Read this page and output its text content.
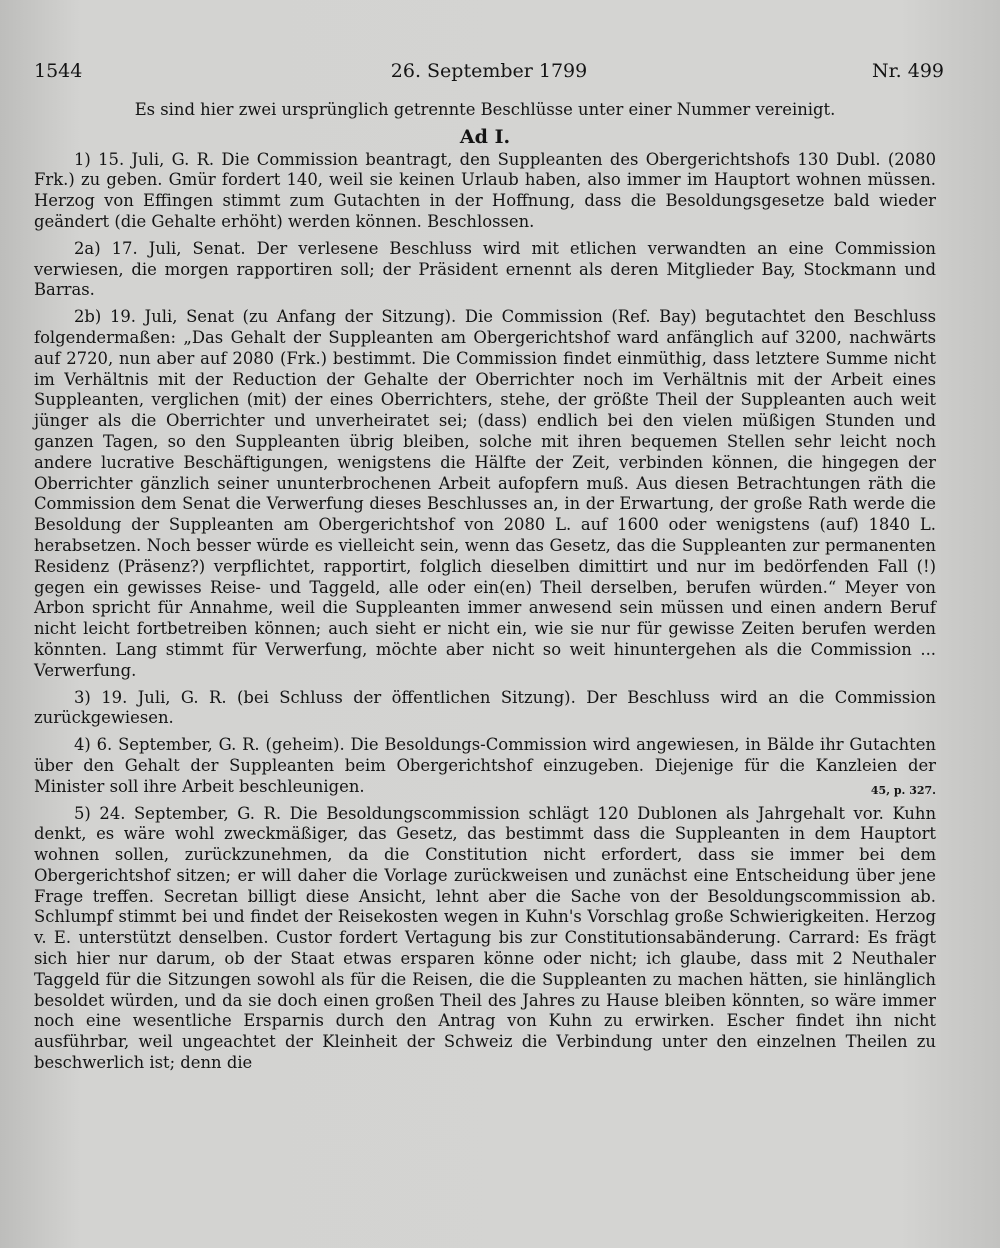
1544	26. September 1799	Nr. 499

Es sind hier zwei ursprünglich getrennte Beschlüsse unter einer Nummer vereinigt.

Ad I.

1) 15. Juli, G. R. Die Commission beantragt, den Suppleanten des Obergerichtshofs 130 Dubl. (2080 Frk.) zu geben. Gmür fordert 140, weil sie keinen Urlaub haben, also immer im Hauptort wohnen müssen. Herzog von Effingen stimmt zum Gutachten in der Hoffnung, dass die Besoldungsgesetze bald wieder geändert (die Gehalte erhöht) werden können. Beschlossen.

2a) 17. Juli, Senat. Der verlesene Beschluss wird mit etlichen verwandten an eine Commission verwiesen, die morgen rapportiren soll; der Präsident ernennt als deren Mitglieder Bay, Stockmann und Barras.

2b) 19. Juli, Senat (zu Anfang der Sitzung). Die Commission (Ref. Bay) begutachtet den Beschluss folgendermaßen: „Das Gehalt der Suppleanten am Obergerichtshof ward anfänglich auf 3200, nachwärts auf 2720, nun aber auf 2080 (Frk.) bestimmt. Die Commission findet einmüthig, dass letztere Summe nicht im Verhältnis mit der Reduction der Gehalte der Oberrichter noch im Verhältnis mit der Arbeit eines Suppleanten, verglichen (mit) der eines Oberrichters, stehe, der größte Theil der Suppleanten auch weit jünger als die Oberrichter und unverheiratet sei; (dass) endlich bei den vielen müßigen Stunden und ganzen Tagen, so den Suppleanten übrig bleiben, solche mit ihren bequemen Stellen sehr leicht noch andere lucrative Beschäftigungen, wenigstens die Hälfte der Zeit, verbinden können, die hingegen der Oberrichter gänzlich seiner ununterbrochenen Arbeit aufopfern muß. Aus diesen Betrachtungen räth die Commission dem Senat die Verwerfung dieses Beschlusses an, in der Erwartung, der große Rath werde die Besoldung der Suppleanten am Obergerichtshof von 2080 L. auf 1600 oder wenigstens (auf) 1840 L. herabsetzen. Noch besser würde es vielleicht sein, wenn das Gesetz, das die Suppleanten zur permanenten Residenz (Präsenz?) verpflichtet, rapportirt, folglich dieselben dimittirt und nur im bedörfenden Fall (!) gegen ein gewisses Reise- und Taggeld, alle oder ein(en) Theil derselben, berufen würden.“ Meyer von Arbon spricht für Annahme, weil die Suppleanten immer anwesend sein müssen und einen andern Beruf nicht leicht fortbetreiben können; auch sieht er nicht ein, wie sie nur für gewisse Zeiten berufen werden könnten. Lang stimmt für Verwerfung, möchte aber nicht so weit hinuntergehen als die Commission ... Verwerfung.

3) 19. Juli, G. R. (bei Schluss der öffentlichen Sitzung). Der Beschluss wird an die Commission zurückgewiesen.

4) 6. September, G. R. (geheim). Die Besoldungs-Commission wird angewiesen, in Bälde ihr Gutachten über den Gehalt der Suppleanten beim Obergerichtshof einzugeben. Diejenige für die Kanzleien der Minister soll ihre Arbeit beschleunigen.	45, p. 327.

5) 24. September, G. R. Die Besoldungscommission schlägt 120 Dublonen als Jahrgehalt vor. Kuhn denkt, es wäre wohl zweckmäßiger, das Gesetz, das bestimmt dass die Suppleanten in dem Hauptort wohnen sollen, zurückzunehmen, da die Constitution nicht erfordert, dass sie immer bei dem Obergerichtshof sitzen; er will daher die Vorlage zurückweisen und zunächst eine Entscheidung über jene Frage treffen. Secretan billigt diese Ansicht, lehnt aber die Sache von der Besoldungscommission ab. Schlumpf stimmt bei und findet der Reisekosten wegen in Kuhn's Vorschlag große Schwierigkeiten. Herzog v. E. unterstützt denselben. Custor fordert Vertagung bis zur Constitutionsabänderung. Carrard: Es frägt sich hier nur darum, ob der Staat etwas ersparen könne oder nicht; ich glaube, dass mit 2 Neuthaler Taggeld für die Sitzungen sowohl als für die Reisen, die die Suppleanten zu machen hätten, sie hinlänglich besoldet würden, und da sie doch einen großen Theil des Jahres zu Hause bleiben könnten, so wäre immer noch eine wesentliche Ersparnis durch den Antrag von Kuhn zu erwirken. Escher findet ihn nicht ausführbar, weil ungeachtet der Kleinheit der Schweiz die Verbindung unter den einzelnen Theilen zu beschwerlich ist; denn die
